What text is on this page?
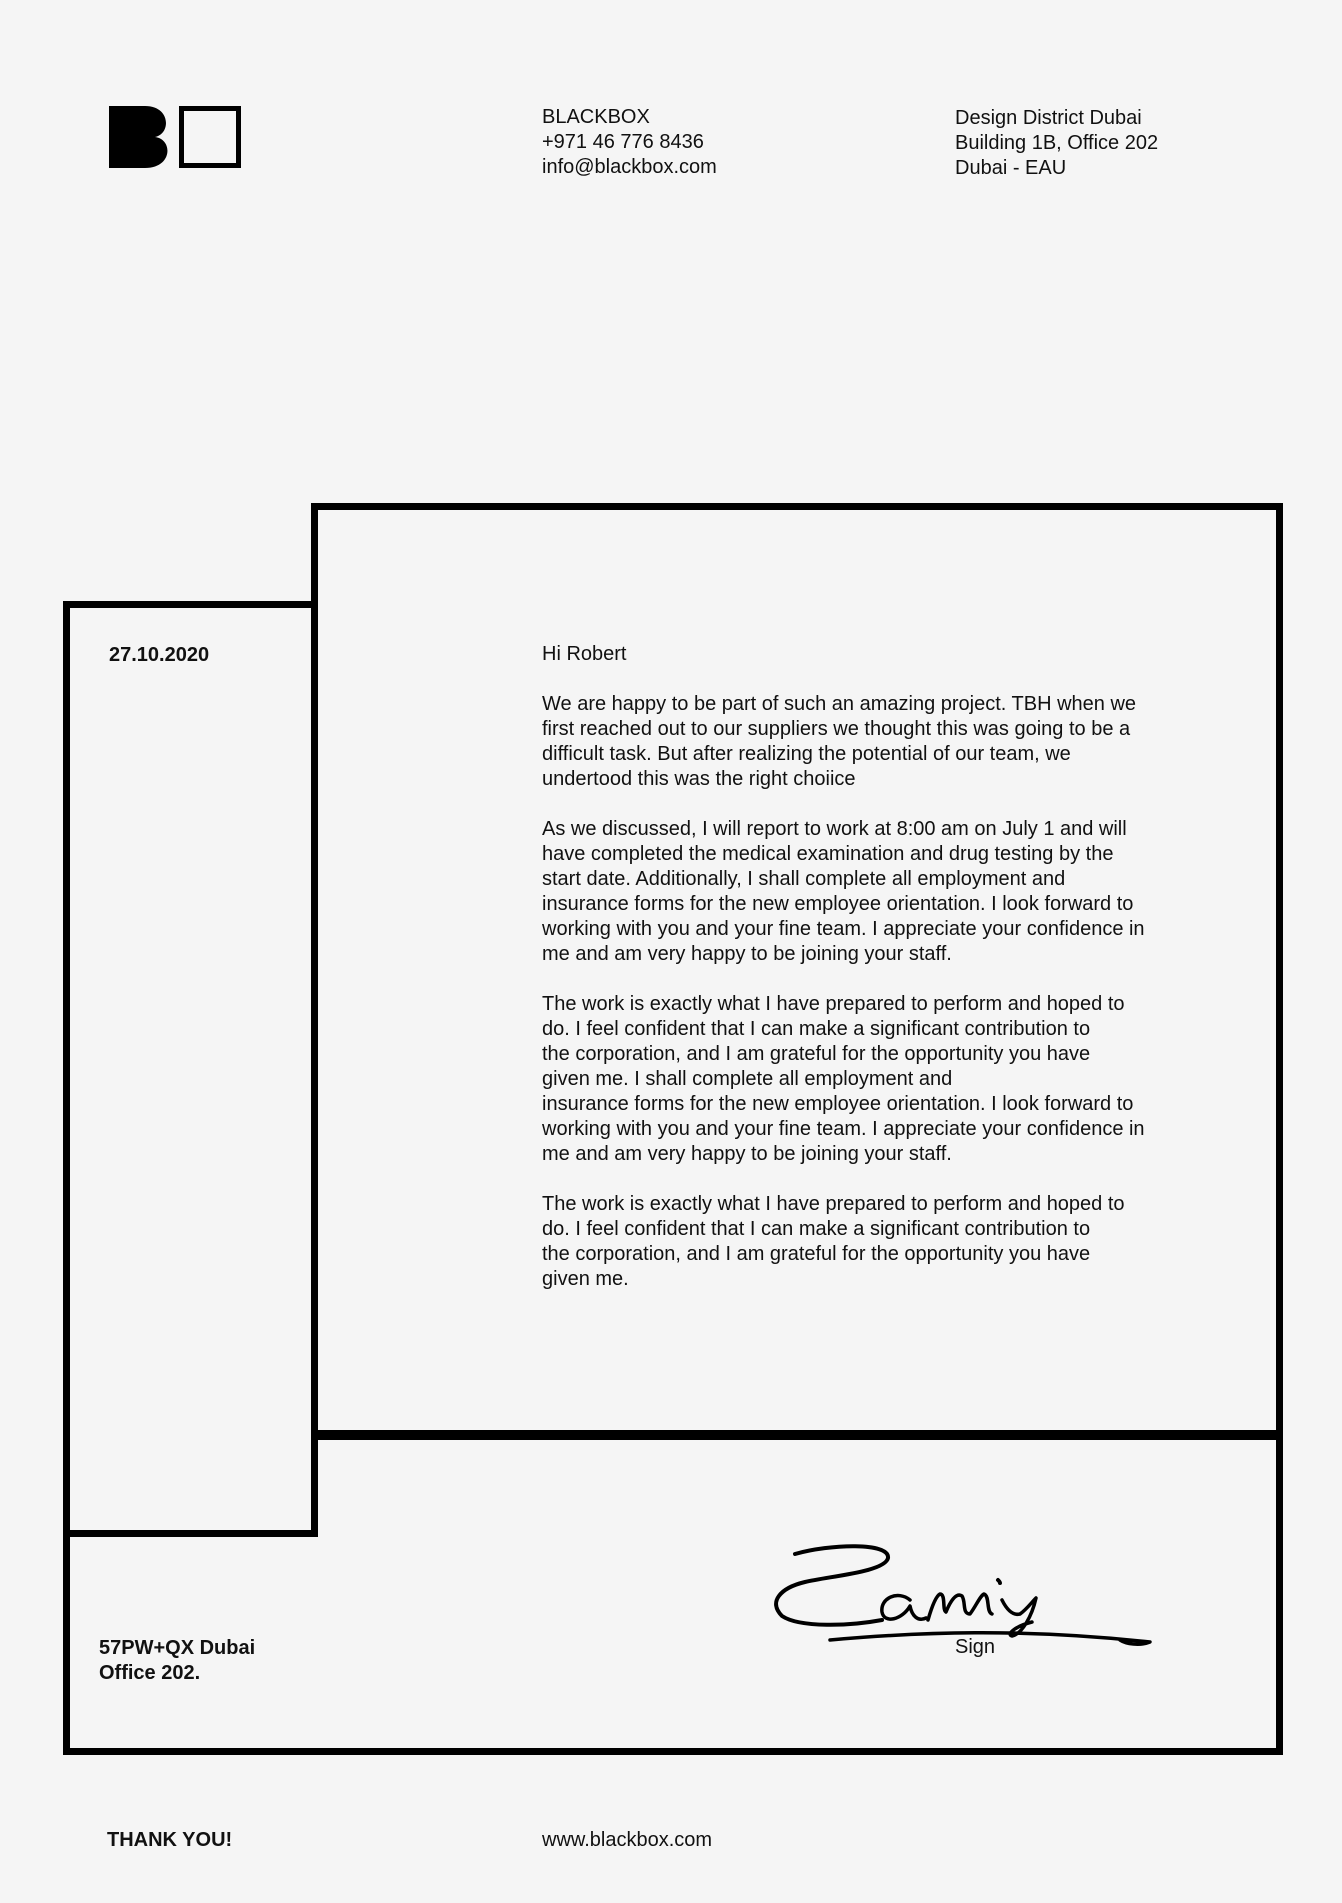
BLACKBOX
+971 46 776 8436
info@blackbox.com
Design District Dubai
Building 1B, Office 202
Dubai - EAU
27.10.2020	Hi Robert

We are happy to be part of such an amazing project. TBH when we
first reached out to our suppliers we thought this was going to be a
difficult task. But after realizing the potential of our team, we
undertood this was the right choiice

As we discussed, I will report to work at 8:00 am on July 1 and will
have completed the medical examination and drug testing by the
start date. Additionally, I shall complete all employment and
insurance forms for the new employee orientation. I look forward to
working with you and your fine team. I appreciate your confidence in
me and am very happy to be joining your staff.

The work is exactly what I have prepared to perform and hoped to
do. I feel confident that I can make a significant contribution to
the corporation, and I am grateful for the opportunity you have
given me. I shall complete all employment and
insurance forms for the new employee orientation. I look forward to
working with you and your fine team. I appreciate your confidence in
me and am very happy to be joining your staff.

The work is exactly what I have prepared to perform and hoped to
do. I feel confident that I can make a significant contribution to
the corporation, and I am grateful for the opportunity you have
given me.

57PW+QX Dubai
Office 202.
Sign
THANK YOU!	www.blackbox.com
